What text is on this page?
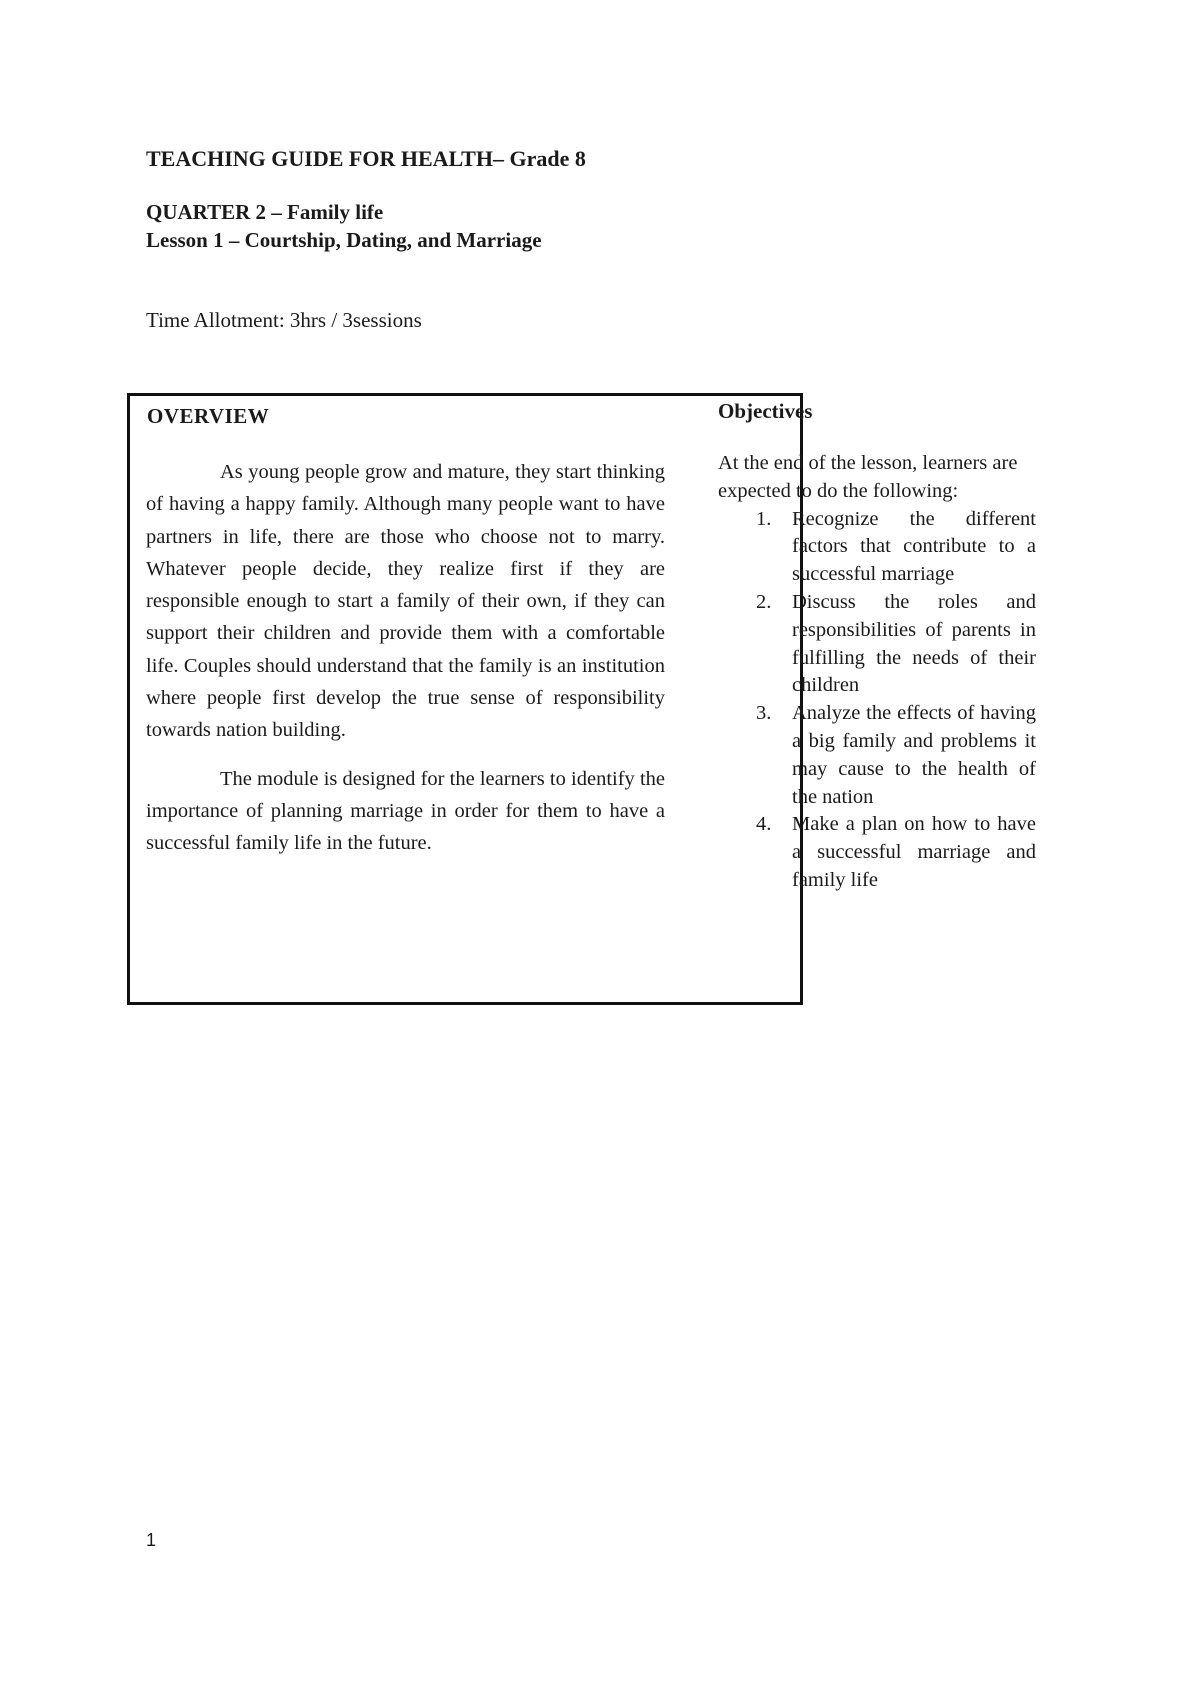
TEACHING GUIDE FOR HEALTH– Grade 8
QUARTER 2 – Family life
Lesson 1 – Courtship, Dating, and Marriage
Time Allotment: 3hrs / 3sessions
OVERVIEW

As young people grow and mature, they start thinking of having a happy family. Although many people want to have partners in life, there are those who choose not to marry. Whatever people decide, they realize first if they are responsible enough to start a family of their own, if they can support their children and provide them with a comfortable life. Couples should understand that the family is an institution where people first develop the true sense of responsibility towards nation building.

The module is designed for the learners to identify the importance of planning marriage in order for them to have a successful family life in the future.

Objectives
At the end of the lesson, learners are expected to do the following:
1. Recognize the different factors that contribute to a successful marriage
2. Discuss the roles and responsibilities of parents in fulfilling the needs of their children
3. Analyze the effects of having a big family and problems it may cause to the health of the nation
4. Make a plan on how to have a successful marriage and family life
1
